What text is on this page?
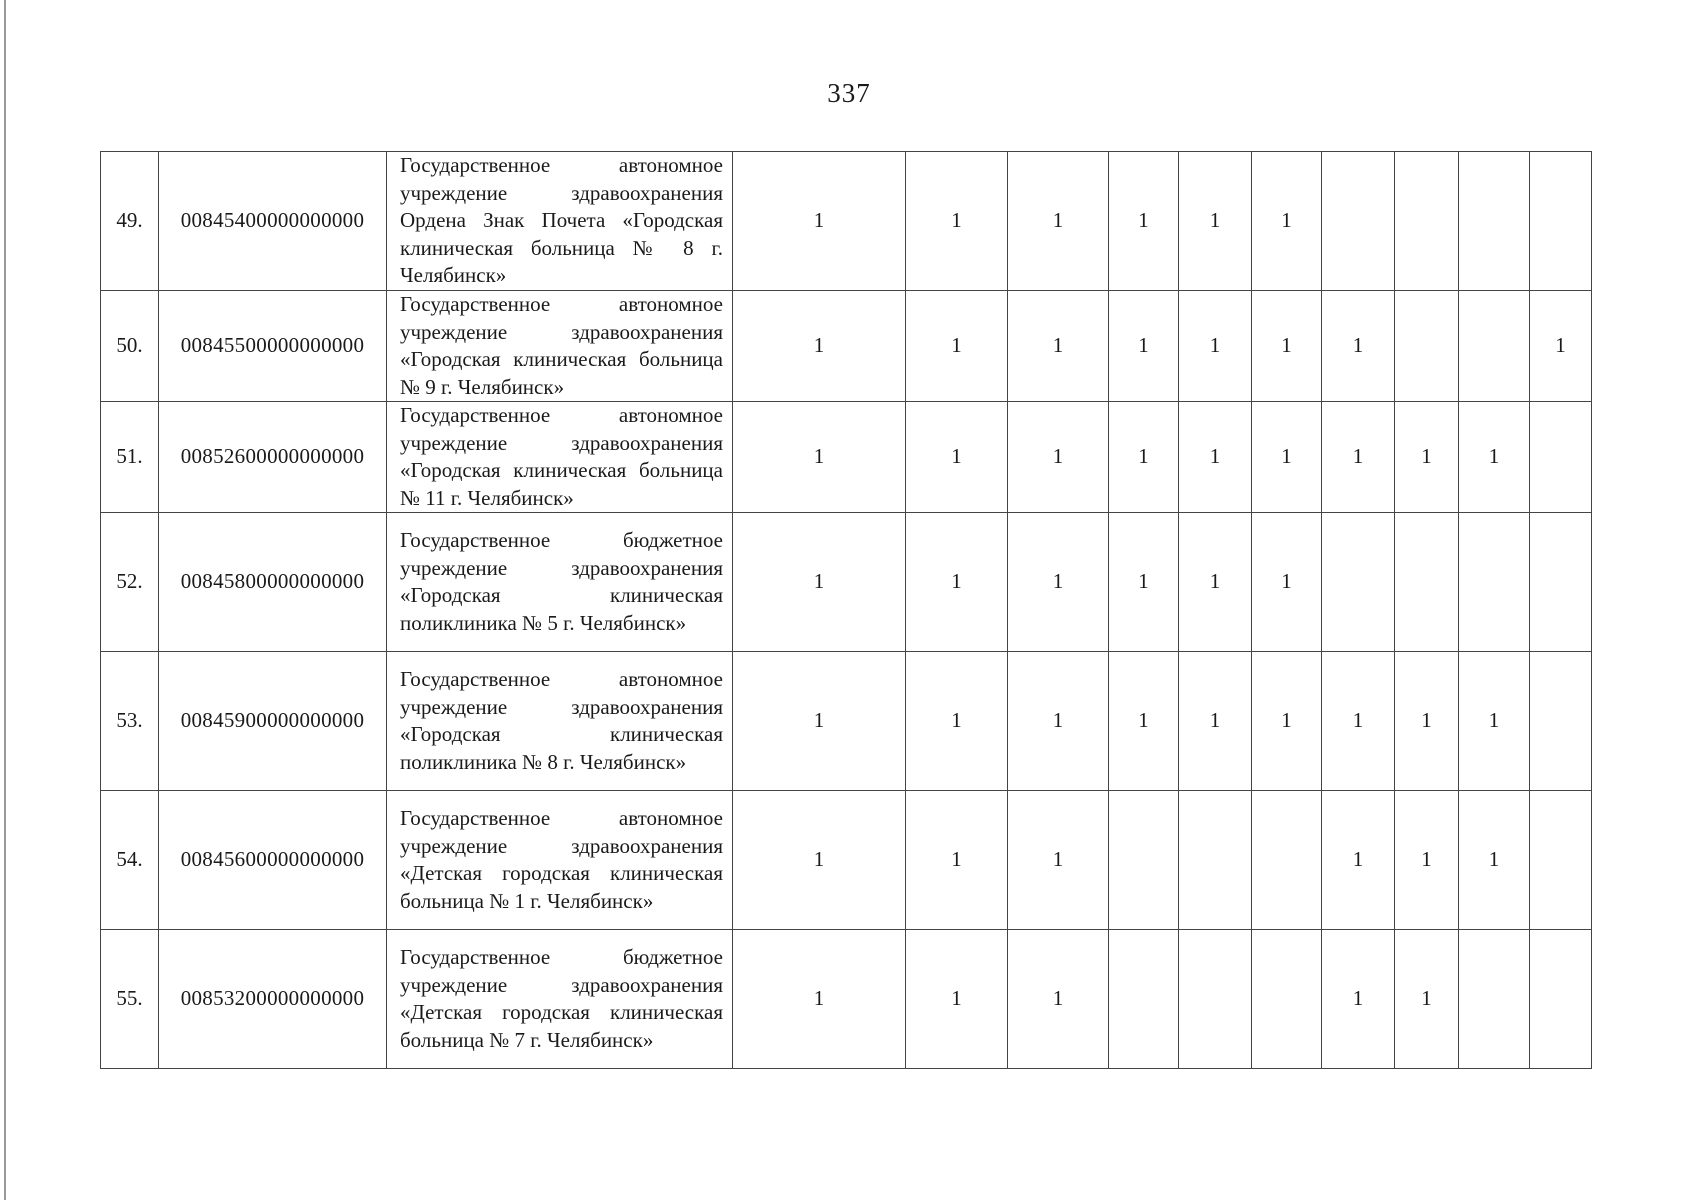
337
49.	00845400000000000	Государственное автономное учреждение здравоохранения Ордена Знак Почета «Городская клиническая больница № 8 г. Челябинск»	1	1	1	1	1	1				
50.	00845500000000000	Государственное автономное учреждение здравоохранения «Городская клиническая больница № 9 г. Челябинск»	1	1	1	1	1	1	1			1
51.	00852600000000000	Государственное автономное учреждение здравоохранения «Городская клиническая больница № 11 г. Челябинск»	1	1	1	1	1	1	1	1	1	
52.	00845800000000000	Государственное бюджетное учреждение здравоохранения «Городская клиническая поликлиника № 5 г. Челябинск»	1	1	1	1	1	1				
53.	00845900000000000	Государственное автономное учреждение здравоохранения «Городская клиническая поликлиника № 8 г. Челябинск»	1	1	1	1	1	1	1	1	1	
54.	00845600000000000	Государственное автономное учреждение здравоохранения «Детская городская клиническая больница № 1 г. Челябинск»	1	1	1				1	1	1	
55.	00853200000000000	Государственное бюджетное учреждение здравоохранения «Детская городская клиническая больница № 7 г. Челябинск»	1	1	1				1	1		
